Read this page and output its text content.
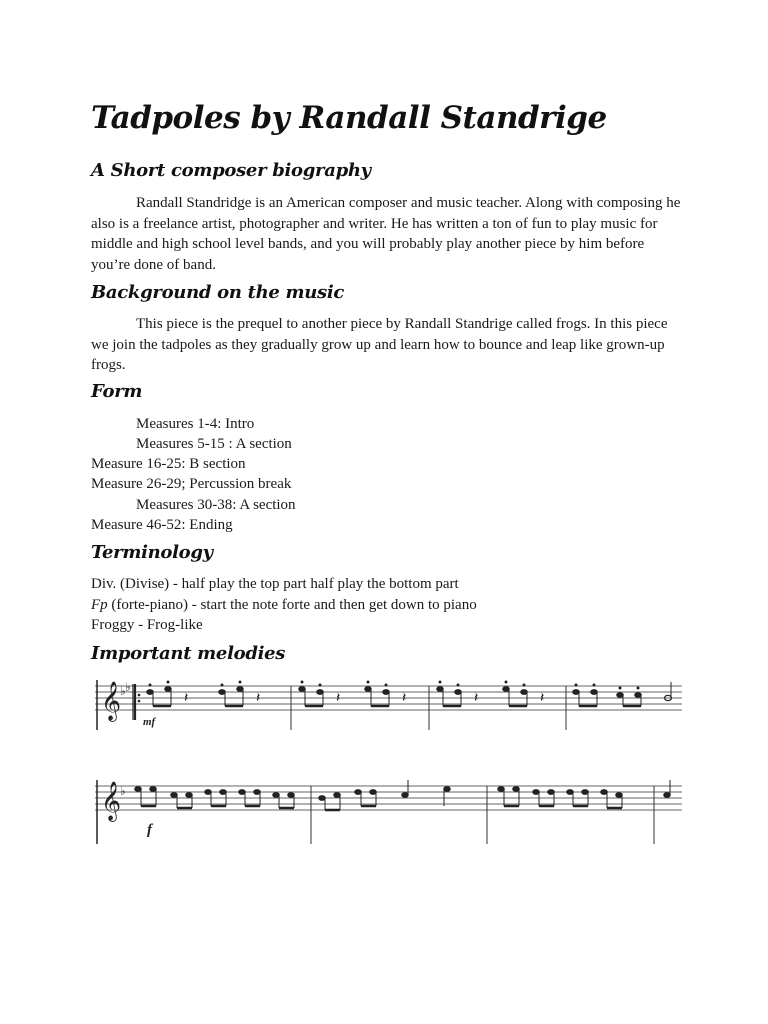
Tadpoles by Randall Standrige
A Short composer biography

Randall Standridge is an American composer and music teacher. Along with composing he also is a freelance artist, photographer and writer. He has written a ton of fun to play music for middle and high school level bands, and you will probably play another piece by him before you’re done of band.

Background on the music

This piece is the prequel to another piece by Randall Standrige called frogs. In this piece we join the tadpoles as they gradually grow up and learn how to bounce and leap like grown-up frogs.

Form
Measures 1-4: Intro
Measures 5-15 : A section
Measure 16-25: B section
Measure 26-29; Percussion break
Measures 30-38: A section
Measure 46-52: Ending
Terminology
Div. (Divise) - half play the top part half play the bottom part
Fp (forte-piano) - start the note forte and then get down to piano
Froggy - Frog-like
Important melodies
𝄞
♭ ♭
𝄽	𝄽	𝄽	𝄽	𝄽	𝄽
mf
𝄞
♭
f
